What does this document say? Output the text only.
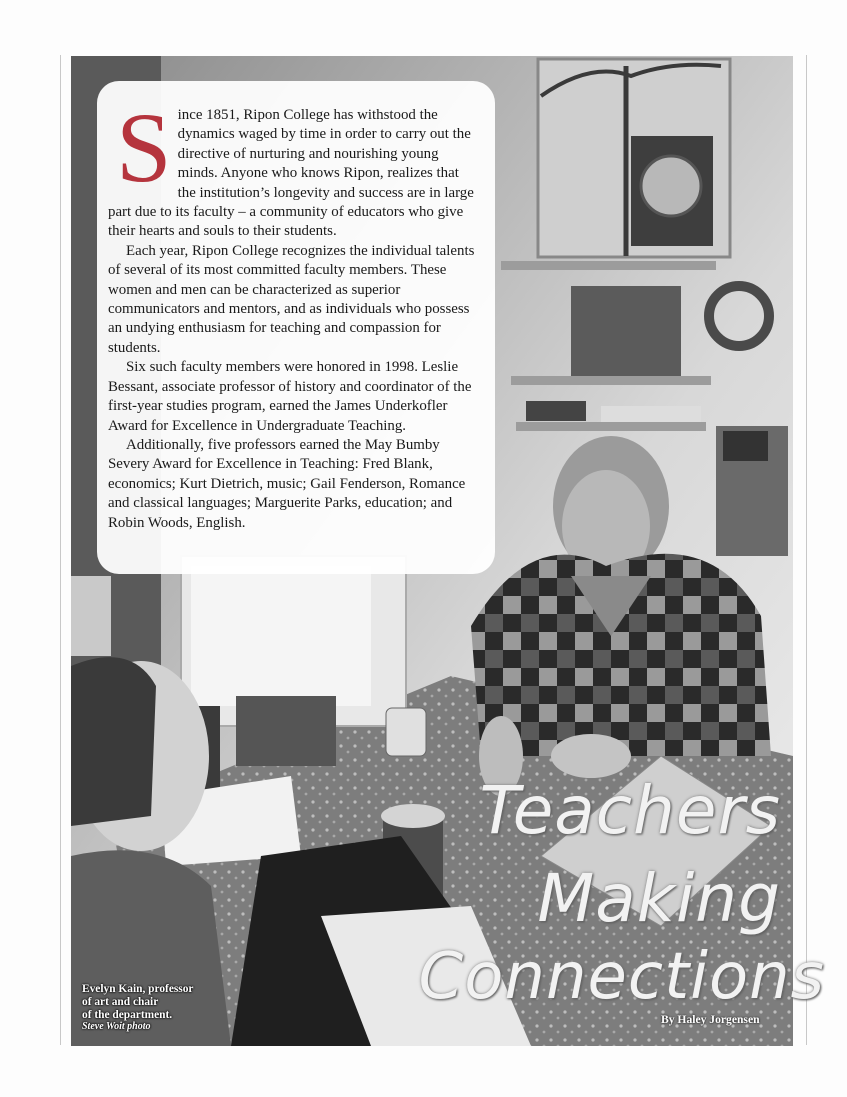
Since 1851, Ripon College has withstood the dynamics waged by time in order to carry out the directive of nurturing and nourishing young minds. Anyone who knows Ripon, realizes that the institution’s longevity and success are in large part due to its faculty – a community of educators who give their hearts and souls to their students.

Each year, Ripon College recognizes the individual talents of several of its most committed faculty members. These women and men can be characterized as superior communicators and mentors, and as individuals who possess an undying enthusiasm for teaching and compassion for students.

Six such faculty members were honored in 1998. Leslie Bessant, associate professor of history and coordinator of the first-year studies program, earned the James Underkofler Award for Excellence in Undergraduate Teaching.

Additionally, five professors earned the May Bumby Severy Award for Excellence in Teaching: Fred Blank, economics; Kurt Dietrich, music; Gail Fenderson, Romance and classical languages; Marguerite Parks, education; and Robin Woods, English.

Teachers
Making
Connections
By Haley Jorgensen
Evelyn Kain, professor
of art and chair
of the department.
Steve Woit photo
